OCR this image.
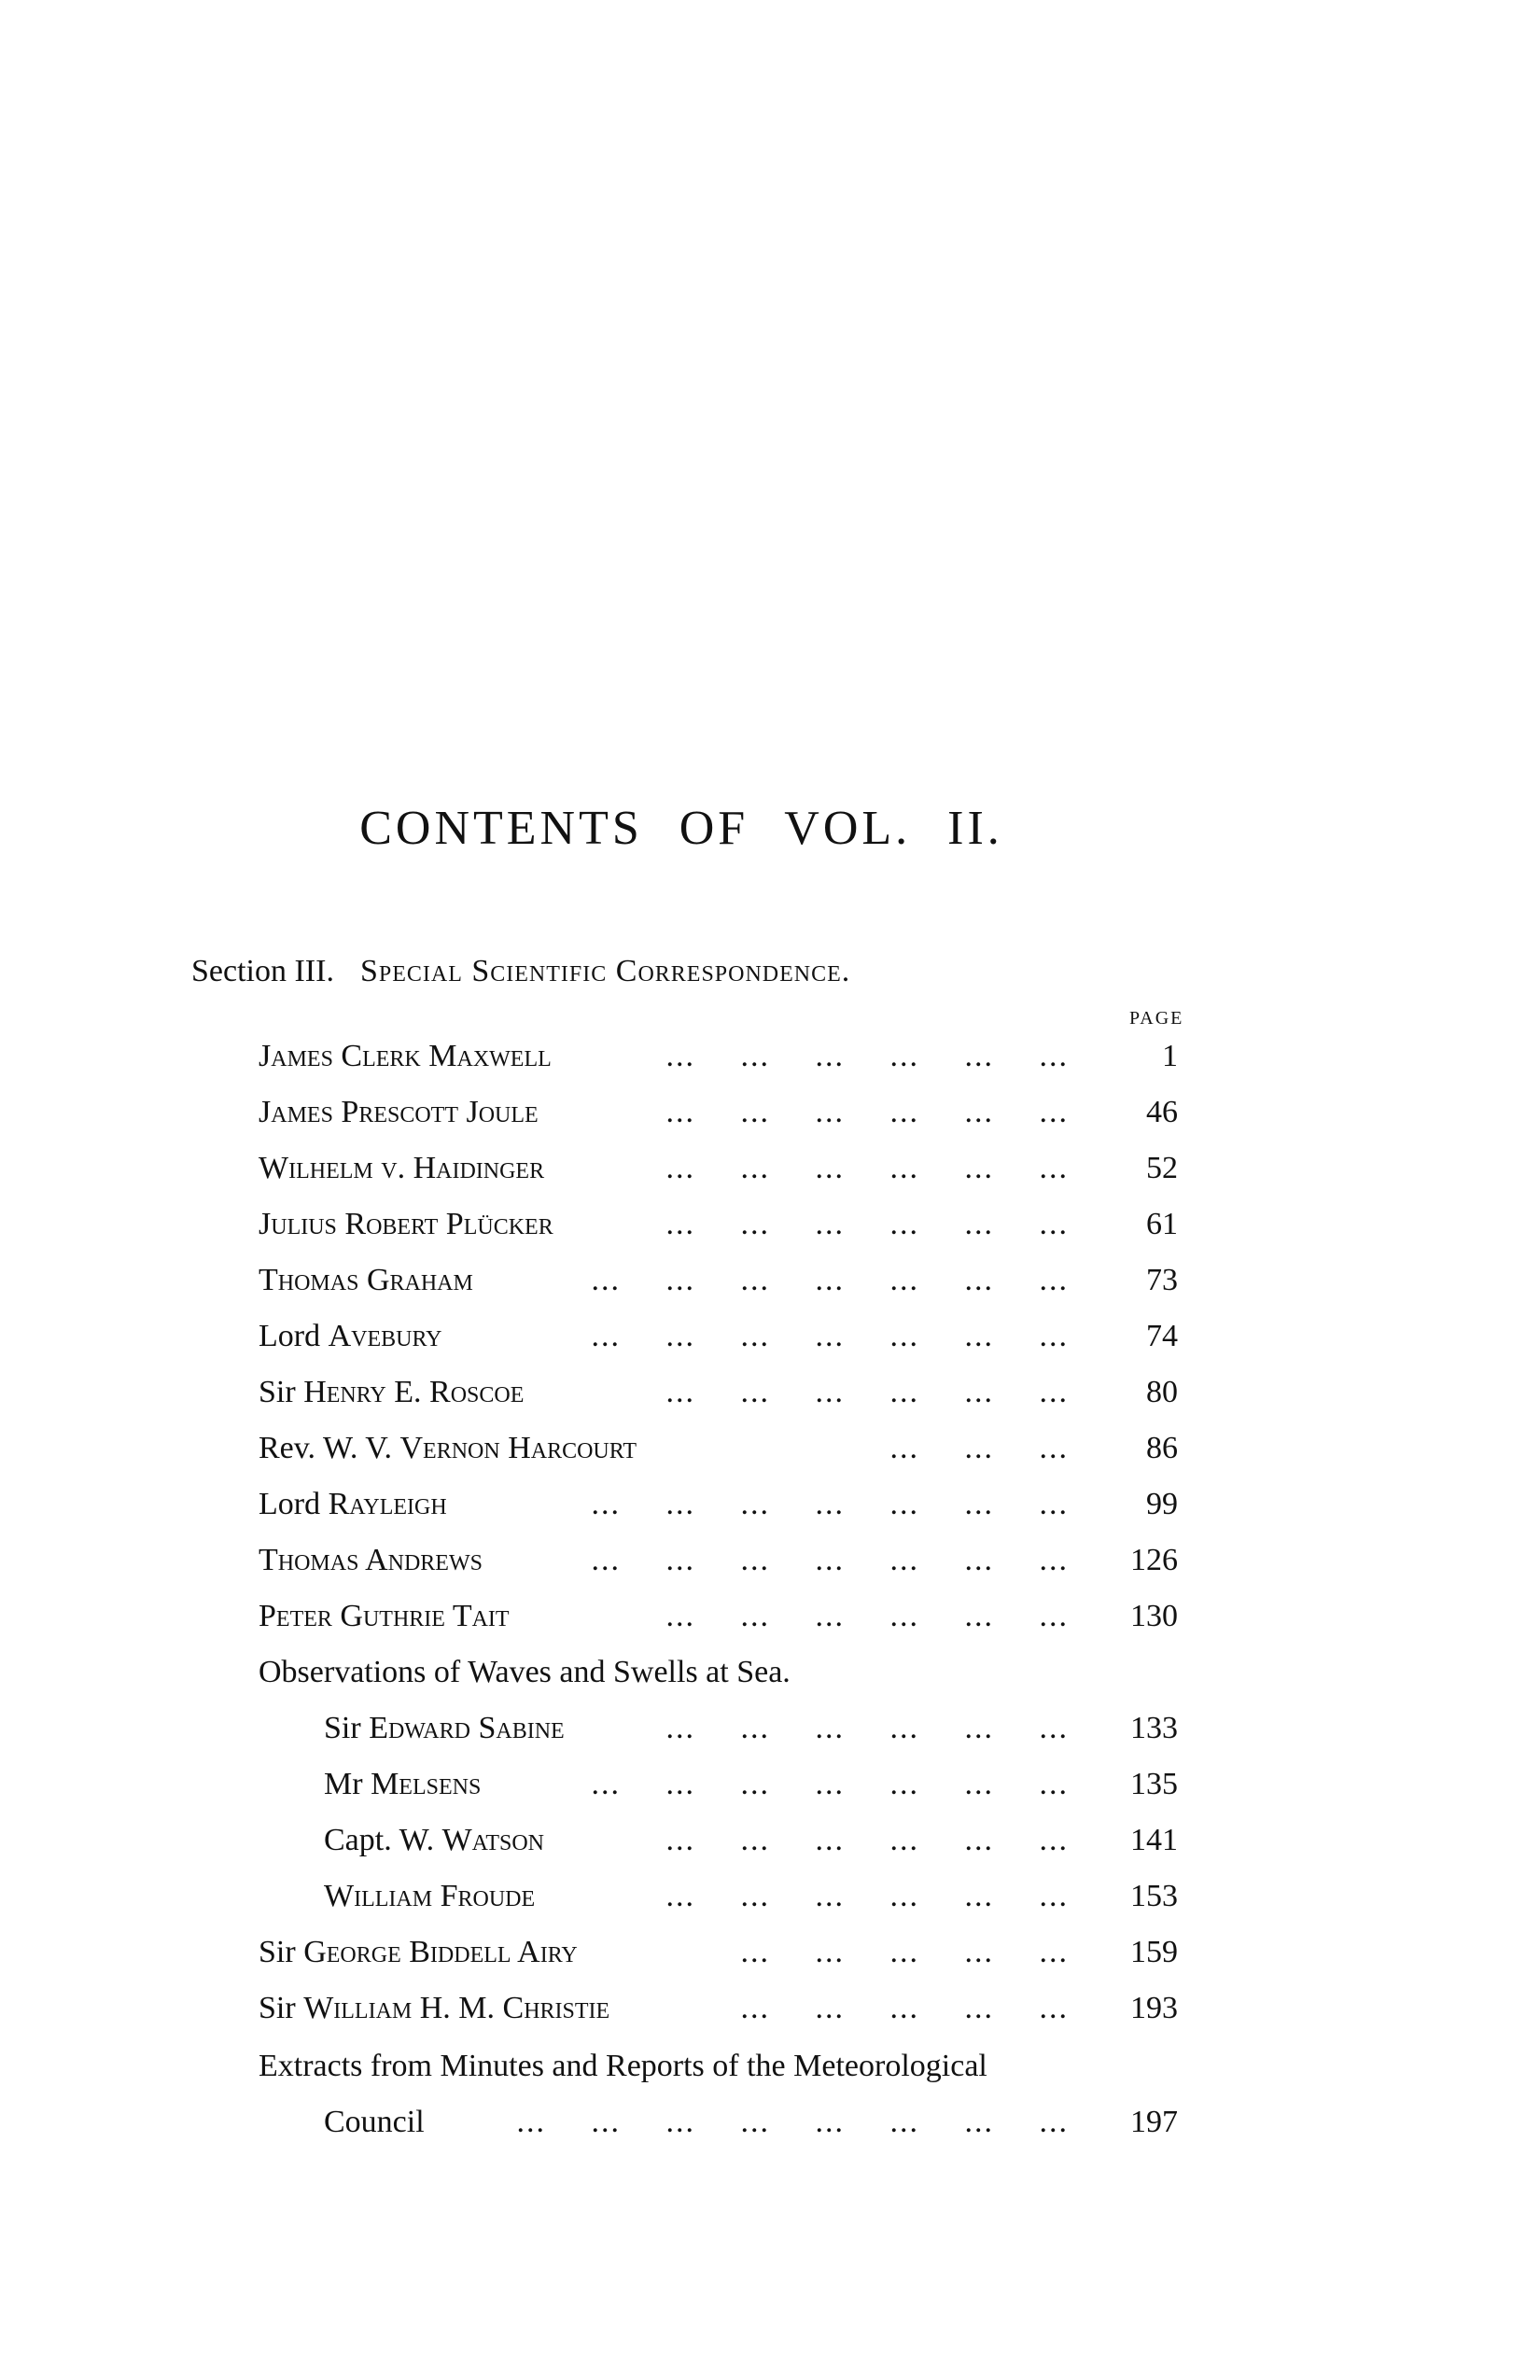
CONTENTS OF VOL. II.
Section III. Special Scientific Correspondence.
PAGE
James Clerk Maxwell	... ... ... ... ... ...	1
James Prescott Joule	... ... ... ... ... ...	46
Wilhelm v. Haidinger	... ... ... ... ... ...	52
Julius Robert Plücker	... ... ... ... ... ...	61
Thomas Graham	... ... ... ... ... ... ...	73
Lord Avebury	... ... ... ... ... ... ...	74
Sir Henry E. Roscoe	... ... ... ... ... ...	80
Rev. W. V. Vernon Harcourt	... ... ...	86
Lord Rayleigh	... ... ... ... ... ... ...	99
Thomas Andrews	... ... ... ... ... ... ...	126
Peter Guthrie Tait	... ... ... ... ... ...	130
Observations of Waves and Swells at Sea.
Sir Edward Sabine	... ... ... ... ... ...	133
Mr Melsens	... ... ... ... ... ... ...	135
Capt. W. Watson	... ... ... ... ... ...	141
William Froude	... ... ... ... ... ...	153
Sir George Biddell Airy	... ... ... ... ...	159
Sir William H. M. Christie	... ... ... ... ...	193
Extracts from Minutes and Reports of the Meteorological
Council	... ... ... ... ... ... ... ...	197
